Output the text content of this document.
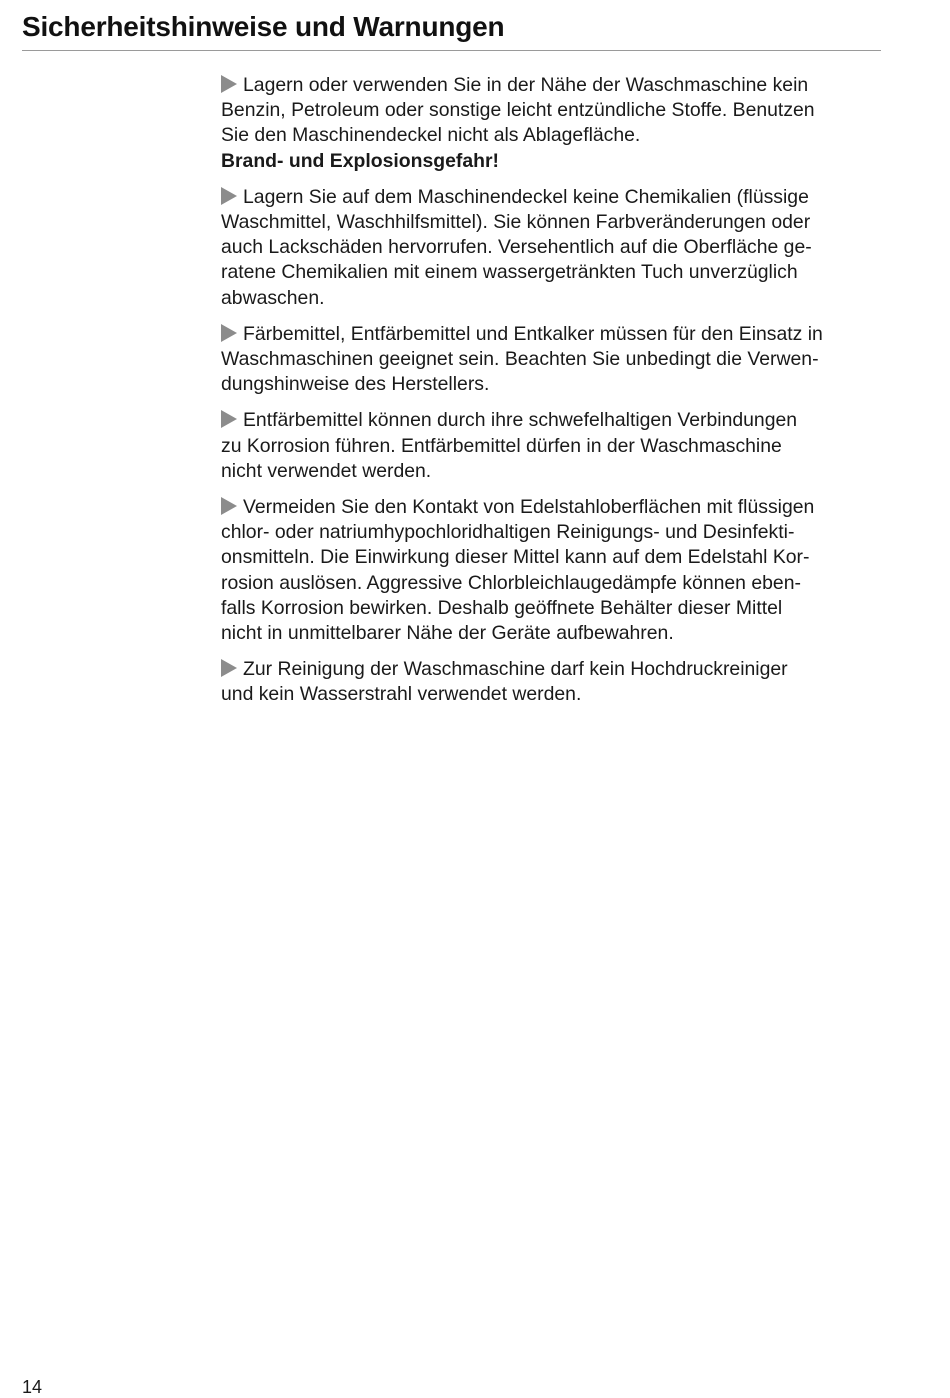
Sicherheitshinweise und Warnungen

Lagern oder verwenden Sie in der Nähe der Waschmaschine kein
Benzin, Petroleum oder sonstige leicht entzündliche Stoffe. Benutzen
Sie den Maschinendeckel nicht als Ablagefläche.
Brand- und Explosionsgefahr!

Lagern Sie auf dem Maschinendeckel keine Chemikalien (flüssige
Waschmittel, Waschhilfsmittel). Sie können Farbveränderungen oder
auch Lackschäden hervorrufen. Versehentlich auf die Oberfläche ge-
ratene Chemikalien mit einem wassergetränkten Tuch unverzüglich
abwaschen.

Färbemittel, Entfärbemittel und Entkalker müssen für den Einsatz in
Waschmaschinen geeignet sein. Beachten Sie unbedingt die Verwen-
dungshinweise des Herstellers.

Entfärbemittel können durch ihre schwefelhaltigen Verbindungen
zu Korrosion führen. Entfärbemittel dürfen in der Waschmaschine
nicht verwendet werden.

Vermeiden Sie den Kontakt von Edelstahloberflächen mit flüssigen
chlor- oder natriumhypochloridhaltigen Reinigungs- und Desinfekti-
onsmitteln. Die Einwirkung dieser Mittel kann auf dem Edelstahl Kor-
rosion auslösen. Aggressive Chlorbleichlaugedämpfe können eben-
falls Korrosion bewirken. Deshalb geöffnete Behälter dieser Mittel
nicht in unmittelbarer Nähe der Geräte aufbewahren.

Zur Reinigung der Waschmaschine darf kein Hochdruckreiniger
und kein Wasserstrahl verwendet werden.

14
